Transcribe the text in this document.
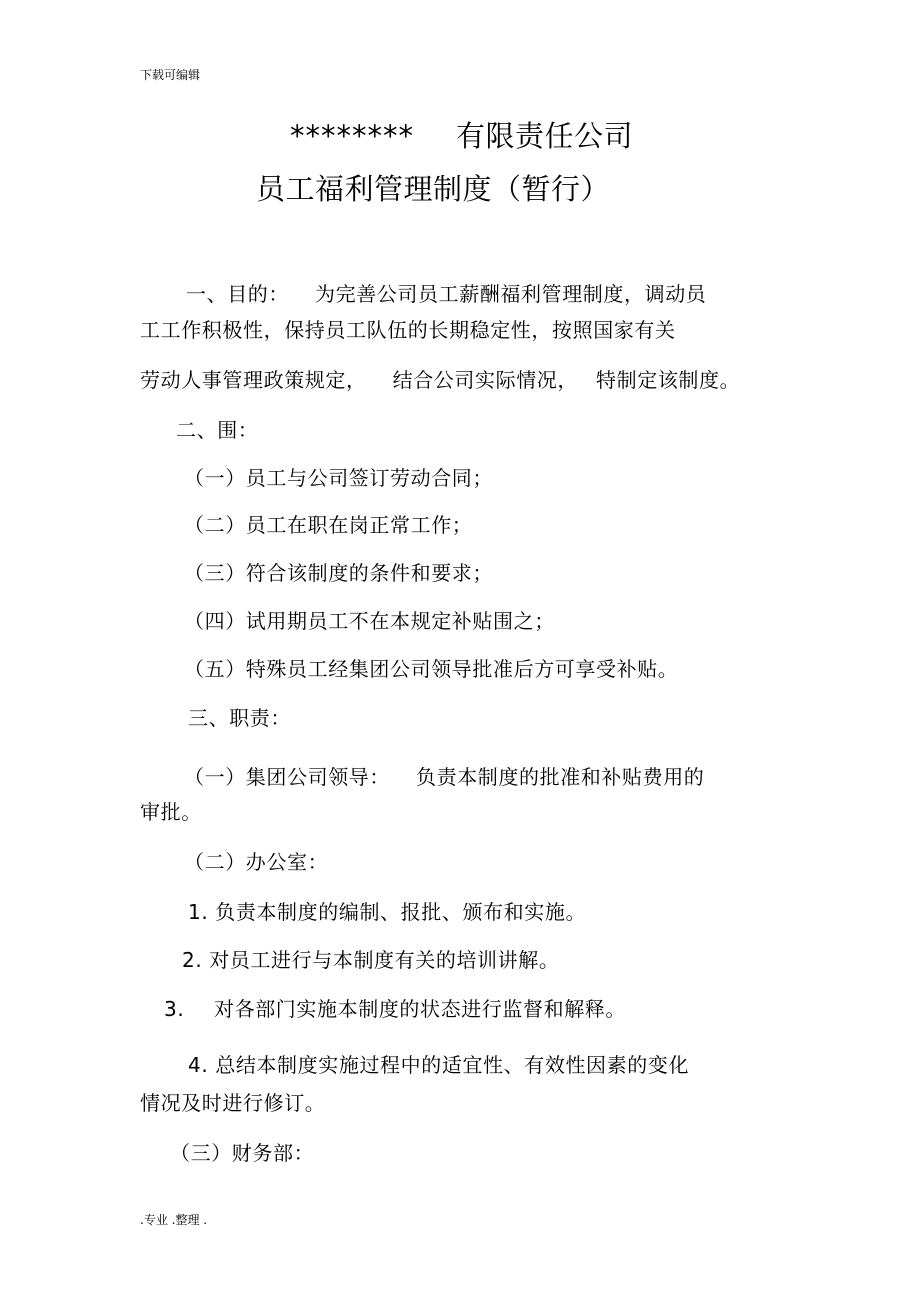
下载可编辑
******** 有限责任公司
员工福利管理制度（暂行）
一、目的： 为完善公司员工薪酬福利管理制度，调动员
工工作积极性，保持员工队伍的长期稳定性，按照国家有关
劳动人事管理政策规定， 结合公司实际情况， 特制定该制度。
二、围：
（一）员工与公司签订劳动合同；
（二）员工在职在岗正常工作；
（三）符合该制度的条件和要求；
（四）试用期员工不在本规定补贴围之；
（五）特殊员工经集团公司领导批准后方可享受补贴。
三、职责：
（一）集团公司领导： 负责本制度的批准和补贴费用的
审批。
（二）办公室：
1. 负责本制度的编制、报批、颁布和实施。
2. 对员工进行与本制度有关的培训讲解。
3. 对各部门实施本制度的状态进行监督和解释。
4. 总结本制度实施过程中的适宜性、有效性因素的变化
情况及时进行修订。
（三）财务部：
.专业 .整理 .
